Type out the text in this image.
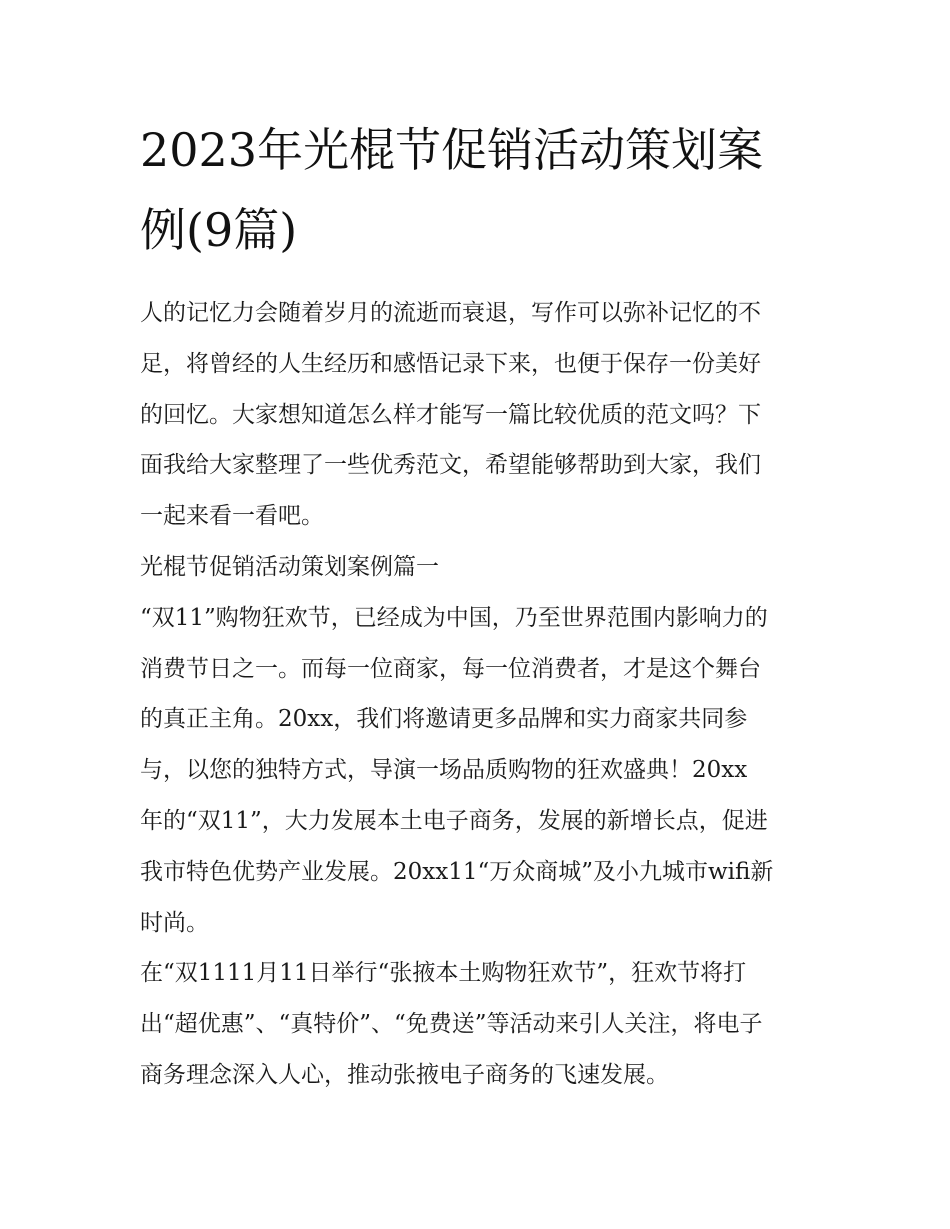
2023年光棍节促销活动策划案
例(9篇)

人的记忆力会随着岁月的流逝而衰退，写作可以弥补记忆的不
足，将曾经的人生经历和感悟记录下来，也便于保存一份美好
的回忆。大家想知道怎么样才能写一篇比较优质的范文吗？下
面我给大家整理了一些优秀范文，希望能够帮助到大家，我们
一起来看一看吧。

光棍节促销活动策划案例篇一

“双11”购物狂欢节，已经成为中国，乃至世界范围内影响力的
消费节日之一。而每一位商家，每一位消费者，才是这个舞台
的真正主角。20xx，我们将邀请更多品牌和实力商家共同参
与，以您的独特方式，导演一场品质购物的狂欢盛典！20xx
年的“双11”，大力发展本土电子商务，发展的新增长点，促进
我市特色优势产业发展。20xx11“万众商城”及小九城市wifi新
时尚。

在“双1111月11日举行“张掖本土购物狂欢节”，狂欢节将打
出“超优惠”、“真特价”、“免费送”等活动来引人关注，将电子
商务理念深入人心，推动张掖电子商务的飞速发展。
